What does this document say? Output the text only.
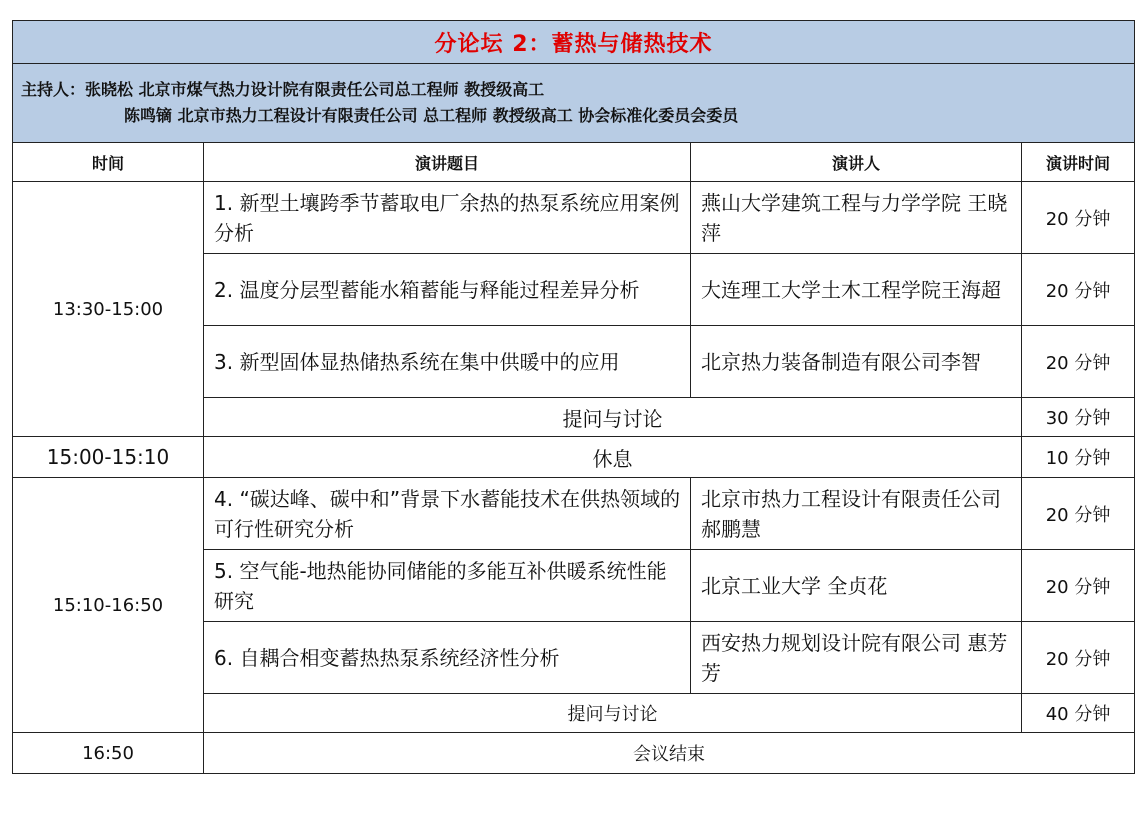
分论坛 2：蓄热与储热技术			

主持人：张晓松 北京市煤气热力设计院有限责任公司总工程师 教授级高工
陈鸣镝 北京市热力工程设计有限责任公司 总工程师 教授级高工 协会标准化委员会委员			

时间	演讲题目	演讲人	演讲时间
13:30-15:00	1. 新型土壤跨季节蓄取电厂余热的热泵系统应用案例分析	燕山大学建筑工程与力学学院 王晓萍	20 分钟
	2. 温度分层型蓄能水箱蓄能与释能过程差异分析	大连理工大学土木工程学院王海超	20 分钟
	3. 新型固体显热储热系统在集中供暖中的应用	北京热力装备制造有限公司李智	20 分钟
	提问与讨论		30 分钟
15:00-15:10	休息		10 分钟
15:10-16:50	4. “碳达峰、碳中和”背景下水蓄能技术在供热领域的可行性研究分析	北京市热力工程设计有限责任公司 郝鹏慧	20 分钟
	5. 空气能-地热能协同储能的多能互补供暖系统性能研究	北京工业大学 全贞花	20 分钟
	6. 自耦合相变蓄热热泵系统经济性分析	西安热力规划设计院有限公司 惠芳芳	20 分钟
	提问与讨论		40 分钟
16:50	会议结束		
